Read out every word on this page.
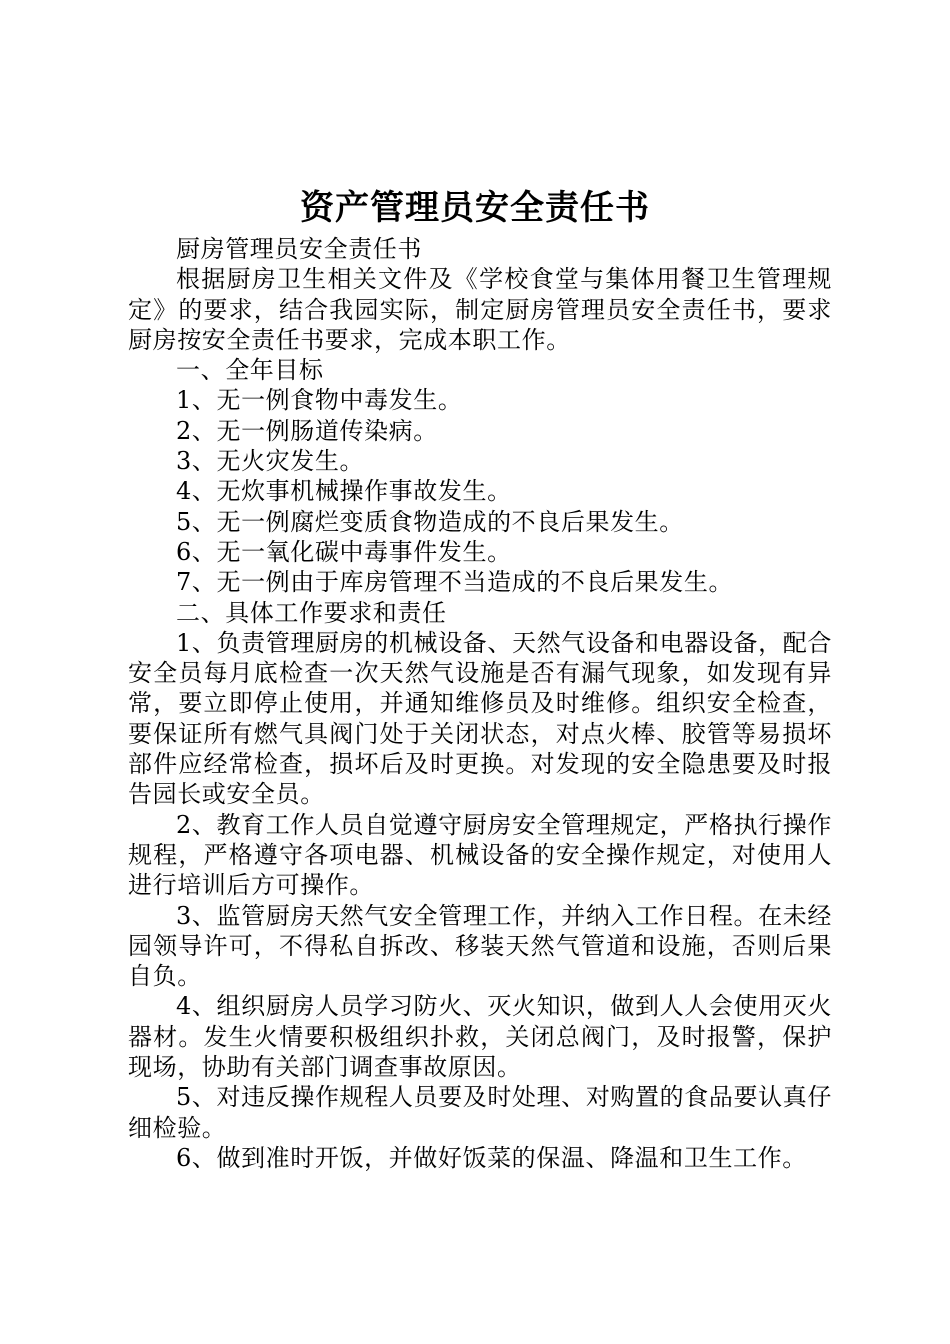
资产管理员安全责任书

厨房管理员安全责任书

根据厨房卫生相关文件及《学校食堂与集体用餐卫生管理规定》的要求，结合我园实际，制定厨房管理员安全责任书，要求厨房按安全责任书要求，完成本职工作。

一、全年目标

1、无一例食物中毒发生。

2、无一例肠道传染病。

3、无火灾发生。

4、无炊事机械操作事故发生。

5、无一例腐烂变质食物造成的不良后果发生。

6、无一氧化碳中毒事件发生。

7、无一例由于库房管理不当造成的不良后果发生。

二、具体工作要求和责任

1、负责管理厨房的机械设备、天然气设备和电器设备，配合安全员每月底检查一次天然气设施是否有漏气现象，如发现有异常，要立即停止使用，并通知维修员及时维修。组织安全检查，要保证所有燃气具阀门处于关闭状态，对点火棒、胶管等易损坏部件应经常检查，损坏后及时更换。对发现的安全隐患要及时报告园长或安全员。

2、教育工作人员自觉遵守厨房安全管理规定，严格执行操作规程，严格遵守各项电器、机械设备的安全操作规定，对使用人进行培训后方可操作。

3、监管厨房天然气安全管理工作，并纳入工作日程。在未经园领导许可，不得私自拆改、移装天然气管道和设施，否则后果自负。

4、组织厨房人员学习防火、灭火知识，做到人人会使用灭火器材。发生火情要积极组织扑救，关闭总阀门，及时报警，保护现场，协助有关部门调查事故原因。

5、对违反操作规程人员要及时处理、对购置的食品要认真仔细检验。

6、做到准时开饭，并做好饭菜的保温、降温和卫生工作。
